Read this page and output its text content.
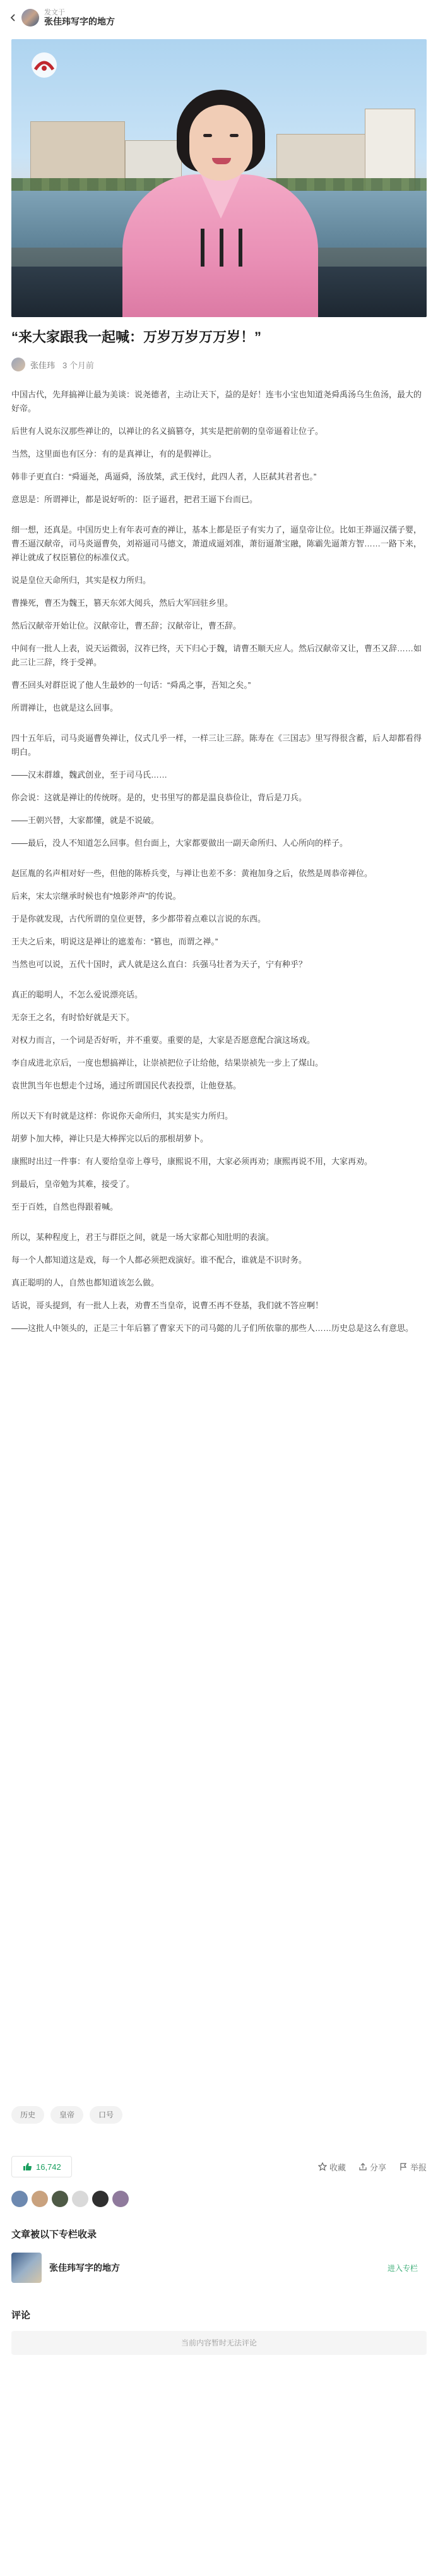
发文于
张佳玮写字的地方
“来大家跟我一起喊：万岁万岁万万岁！”
张佳玮 3 个月前

中国古代，先拜搞禅让最为美谈：说尧德者，主动让天下，益的是好！连韦小宝也知道尧舜禹汤乌生鱼汤，最大的好帝。

后世有人说东汉那些禅让的，以禅让的名义搞篡夺，其实是把前朝的皇帝逼着让位子。

当然，这里面也有区分：有的是真禅让，有的是假禅让。

韩非子更直白：“舜逼尧，禹逼舜，汤放桀，武王伐纣，此四人者，人臣弑其君者也。”

意思是：所谓禅让，都是说好听的：臣子逼君，把君王逼下台而已。

细一想，还真是。中国历史上有年表可查的禅让，基本上都是臣子有实力了，逼皇帝让位。比如王莽逼汉孺子婴，曹丕逼汉献帝，司马炎逼曹奂，刘裕逼司马德文，萧道成逼刘准，萧衍逼萧宝融，陈霸先逼萧方智……一路下来，禅让就成了权臣篡位的标准仪式。

说是皇位天命所归，其实是权力所归。

曹操死，曹丕为魏王，篡天东郊大阅兵，然后大军回驻乡里。

然后汉献帝开始让位。汉献帝让，曹丕辞；汉献帝让，曹丕辞。

中间有一批人上表，说天运微弱，汉祚已终，天下归心于魏，请曹丕顺天应人。然后汉献帝又让，曹丕又辞……如此三让三辞，终于受禅。

曹丕回头对群臣说了他人生最妙的一句话：“舜禹之事，吾知之矣。”

所谓禅让，也就是这么回事。

四十五年后，司马炎逼曹奂禅让，仪式几乎一样，一样三让三辞。陈寿在《三国志》里写得很含蓄，后人却都看得明白。

——汉末群雄，魏武创业，至于司马氏……

你会说：这就是禅让的传统呀。是的，史书里写的都是温良恭俭让，背后是刀兵。

——王朝兴替，大家都懂，就是不说破。

——最后，没人不知道怎么回事。但台面上，大家都要做出一副天命所归、人心所向的样子。

赵匡胤的名声相对好一些，但他的陈桥兵变，与禅让也差不多：黄袍加身之后，依然是周恭帝禅位。

后来，宋太宗继承时候也有“烛影斧声”的传说。

于是你就发现，古代所谓的皇位更替，多少都带着点难以言说的东西。

王夫之后来，明说这是禅让的遮羞布：“篡也，而谓之禅。”

当然也可以说，五代十国时，武人就是这么直白：兵强马壮者为天子，宁有种乎？

真正的聪明人，不怎么爱说漂亮话。

无奈王之名，有时恰好就是天下。

对权力而言，一个词是否好听，并不重要。重要的是，大家是否愿意配合演这场戏。

李自成进北京后，一度也想搞禅让，让崇祯把位子让给他，结果崇祯先一步上了煤山。

袁世凯当年也想走个过场，通过所谓国民代表投票，让他登基。

所以天下有时就是这样：你说你天命所归，其实是实力所归。

胡萝卜加大棒，禅让只是大棒挥完以后的那根胡萝卜。

康熙时出过一件事：有人要给皇帝上尊号，康熙说不用，大家必须再劝；康熙再说不用，大家再劝。

到最后，皇帝勉为其难，接受了。

至于百姓，自然也得跟着喊。

所以，某种程度上，君王与群臣之间，就是一场大家都心知肚明的表演。

每一个人都知道这是戏，每一个人都必须把戏演好。谁不配合，谁就是不识时务。

真正聪明的人，自然也都知道该怎么做。

话说，哥头提到，有一批人上表，劝曹丕当皇帝，说曹丕再不登基，我们就不答应啊！

——这批人中领头的，正是三十年后篡了曹家天下的司马懿的儿子们所依靠的那些人……历史总是这么有意思。

历史	皇帝	口号
16,742	收藏	分享	举报
文章被以下专栏收录
张佳玮写字的地方	进入专栏
评论
当前内容暂时无法评论
